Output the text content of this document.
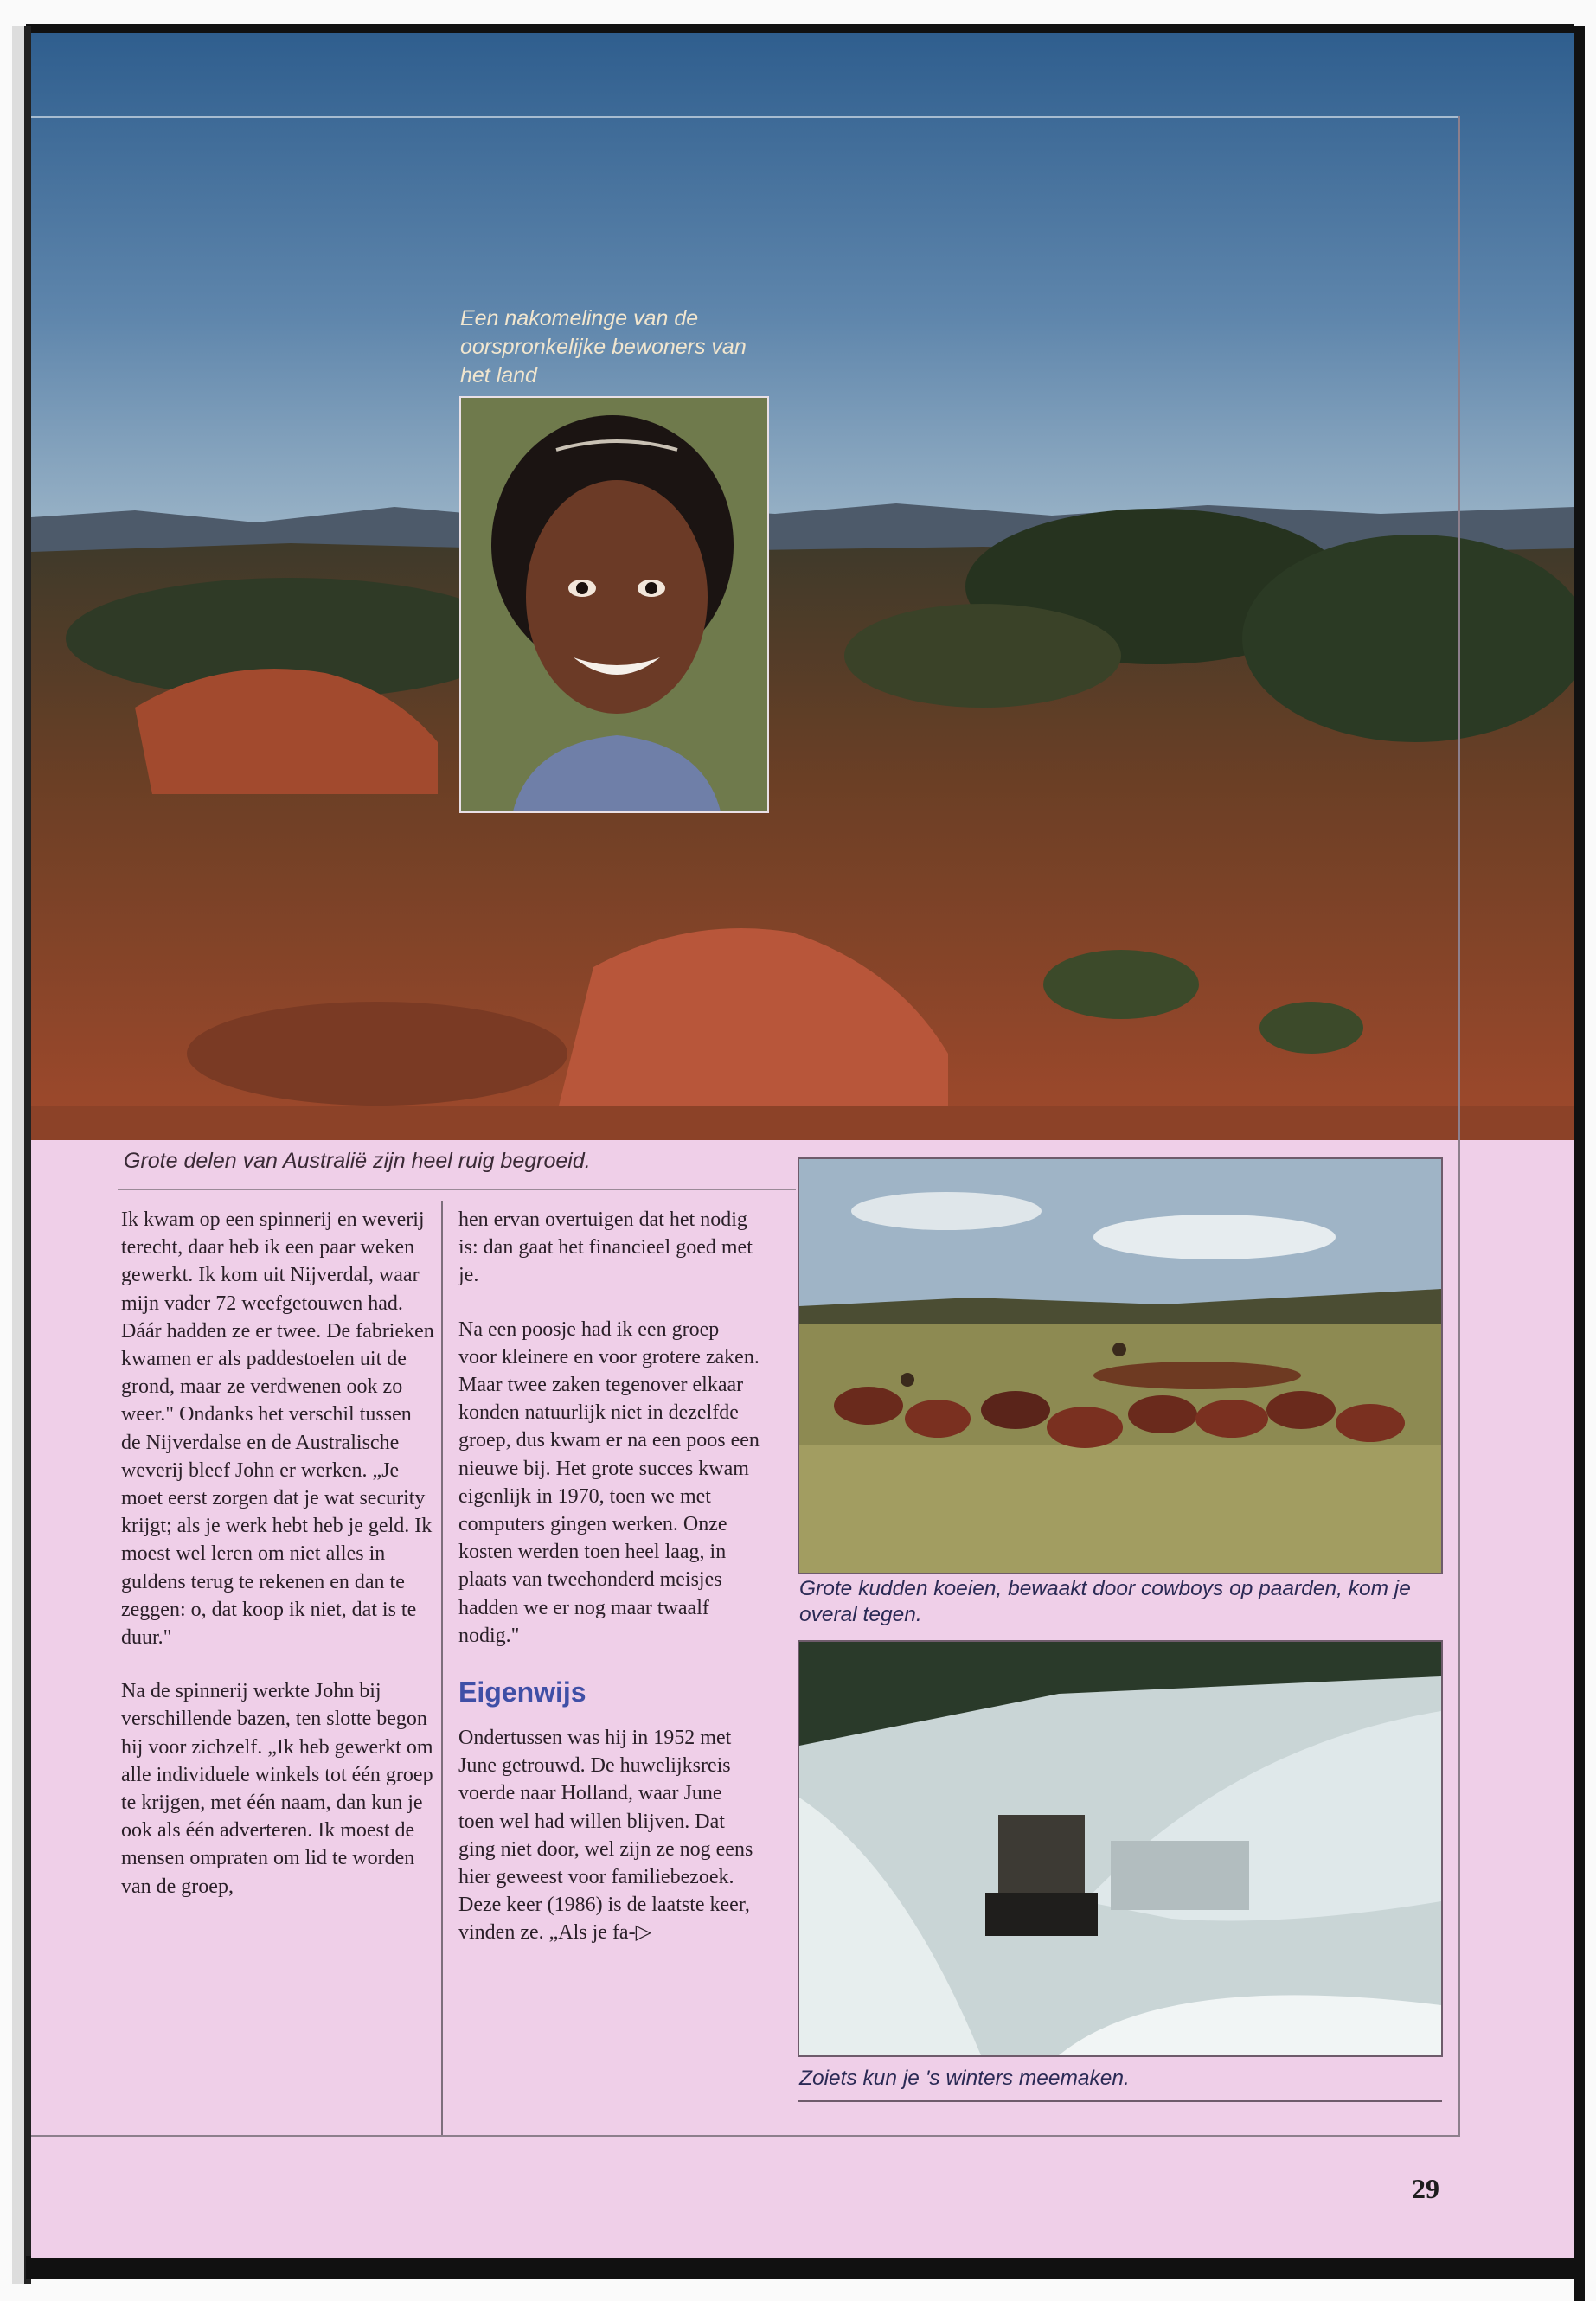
Een nakomelinge van de oorspronkelijke bewoners van het land
Grote delen van Australië zijn heel ruig begroeid.

Ik kwam op een spinnerij en weverij terecht, daar heb ik een paar weken gewerkt. Ik kom uit Nijverdal, waar mijn vader 72 weefgetouwen had. Dáár hadden ze er twee. De fabrieken kwamen er als paddestoelen uit de grond, maar ze verdwenen ook zo weer." Ondanks het verschil tussen de Nijverdalse en de Australische weverij bleef John er werken. „Je moet eerst zorgen dat je wat security krijgt; als je werk hebt heb je geld. Ik moest wel leren om niet alles in guldens terug te rekenen en dan te zeggen: o, dat koop ik niet, dat is te duur."

Na de spinnerij werkte John bij verschillende bazen, ten slotte begon hij voor zichzelf. „Ik heb gewerkt om alle individuele winkels tot één groep te krijgen, met één naam, dan kun je ook als één adverteren. Ik moest de mensen ompraten om lid te worden van de groep,

hen ervan overtuigen dat het nodig is: dan gaat het financieel goed met je.

Na een poosje had ik een groep voor kleinere en voor grotere zaken. Maar twee zaken tegenover elkaar konden natuurlijk niet in dezelfde groep, dus kwam er na een poos een nieuwe bij. Het grote succes kwam eigenlijk in 1970, toen we met computers gingen werken. Onze kosten werden toen heel laag, in plaats van tweehonderd meisjes hadden we er nog maar twaalf nodig."

Eigenwijs

Ondertussen was hij in 1952 met June getrouwd. De huwelijksreis voerde naar Holland, waar June toen wel had willen blijven. Dat ging niet door, wel zijn ze nog eens hier geweest voor familiebezoek. Deze keer (1986) is de laatste keer, vinden ze. „Als je fa-▷

Grote kudden koeien, bewaakt door cowboys op paarden, kom je overal tegen.
Zoiets kun je 's winters meemaken.
29
